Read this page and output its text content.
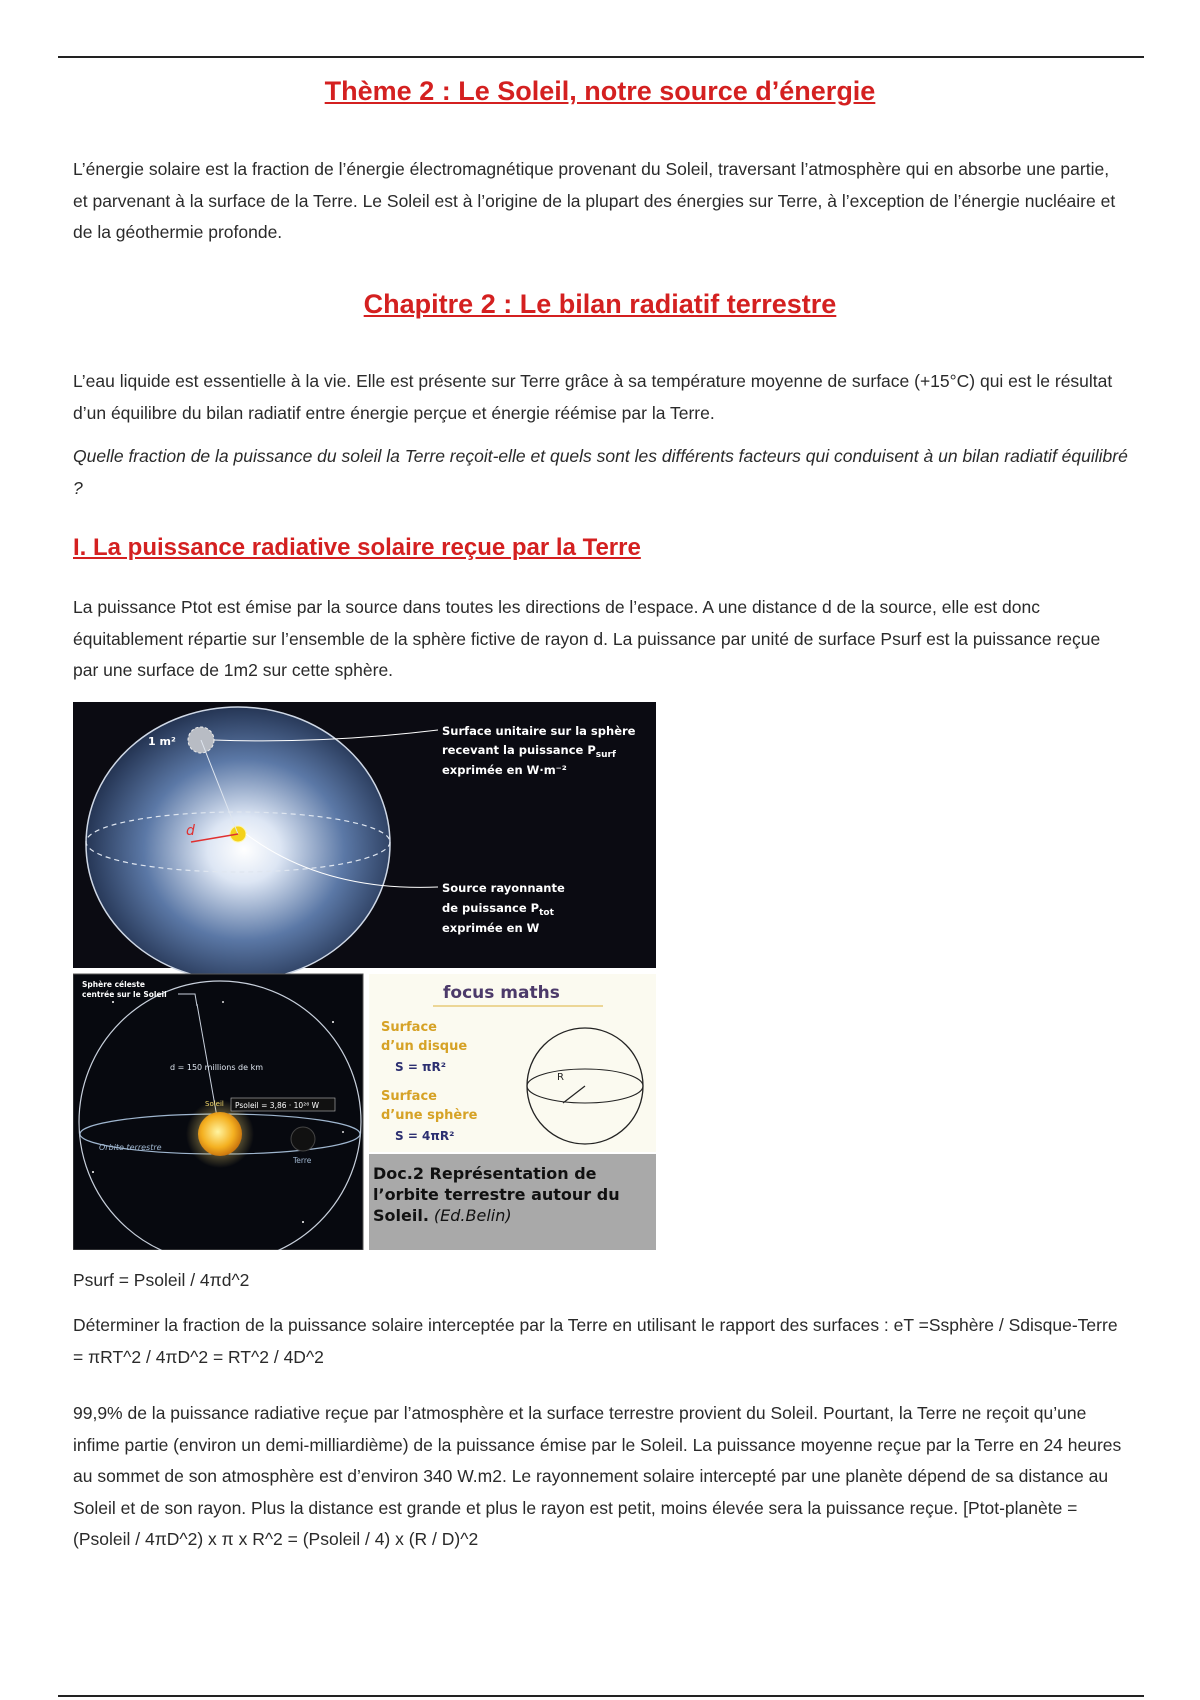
Thème 2 : Le Soleil, notre source d’énergie
L’énergie solaire est la fraction de l’énergie électromagnétique provenant du Soleil, traversant l’atmosphère qui en absorbe une partie, et parvenant à la surface de la Terre. Le Soleil est à l’origine de la plupart des énergies sur Terre, à l’exception de l’énergie nucléaire et de la géothermie profonde.
Chapitre 2 : Le bilan radiatif terrestre
L’eau liquide est essentielle à la vie. Elle est présente sur Terre grâce à sa température moyenne de surface (+15°C) qui est le résultat d’un équilibre du bilan radiatif entre énergie perçue et énergie réémise par la Terre.
Quelle fraction de la puissance du soleil la Terre reçoit-elle et quels sont les différents facteurs qui conduisent à un bilan radiatif équilibré ?
I. La puissance radiative solaire reçue par la Terre
La puissance Ptot est émise par la source dans toutes les directions de l’espace. A une distance d de la source, elle est donc équitablement répartie sur l’ensemble de la sphère fictive de rayon d. La puissance par unité de surface Psurf est la puissance reçue par une surface de 1m2 sur cette sphère.
1 m²
d
Surface unitaire sur la sphère
recevant la puissance $P_{surf}$
exprimée en W·m⁻²
Source rayonnante
de puissance $P_{tot}$
exprimée en W
Sphère céleste
centrée sur le Soleil
d = 150 millions de km
Soleil Psoleil = 3,86 · 10²⁶ W
Orbite terrestre
Terre
focus maths
Surface
d’un disque
S = πR²
Surface
d’une sphère
S = 4πR²
R
Doc.2 Représentation de
l’orbite terrestre autour du
Soleil. (Ed.Belin)
Psurf = Psoleil / 4πd^2
Déterminer la fraction de la puissance solaire interceptée par la Terre en utilisant le rapport des surfaces : eT =Ssphère / Sdisque-Terre = πRT^2 / 4πD^2 = RT^2 / 4D^2
99,9% de la puissance radiative reçue par l’atmosphère et la surface terrestre provient du Soleil. Pourtant, la Terre ne reçoit qu’une infime partie (environ un demi-milliardième) de la puissance émise par le Soleil. La puissance moyenne reçue par la Terre en 24 heures au sommet de son atmosphère est d’environ 340 W.m2. Le rayonnement solaire intercepté par une planète dépend de sa distance au Soleil et de son rayon. Plus la distance est grande et plus le rayon est petit, moins élevée sera la puissance reçue. [Ptot-planète = (Psoleil / 4πD^2) x π x R^2 = (Psoleil / 4) x (R / D)^2
